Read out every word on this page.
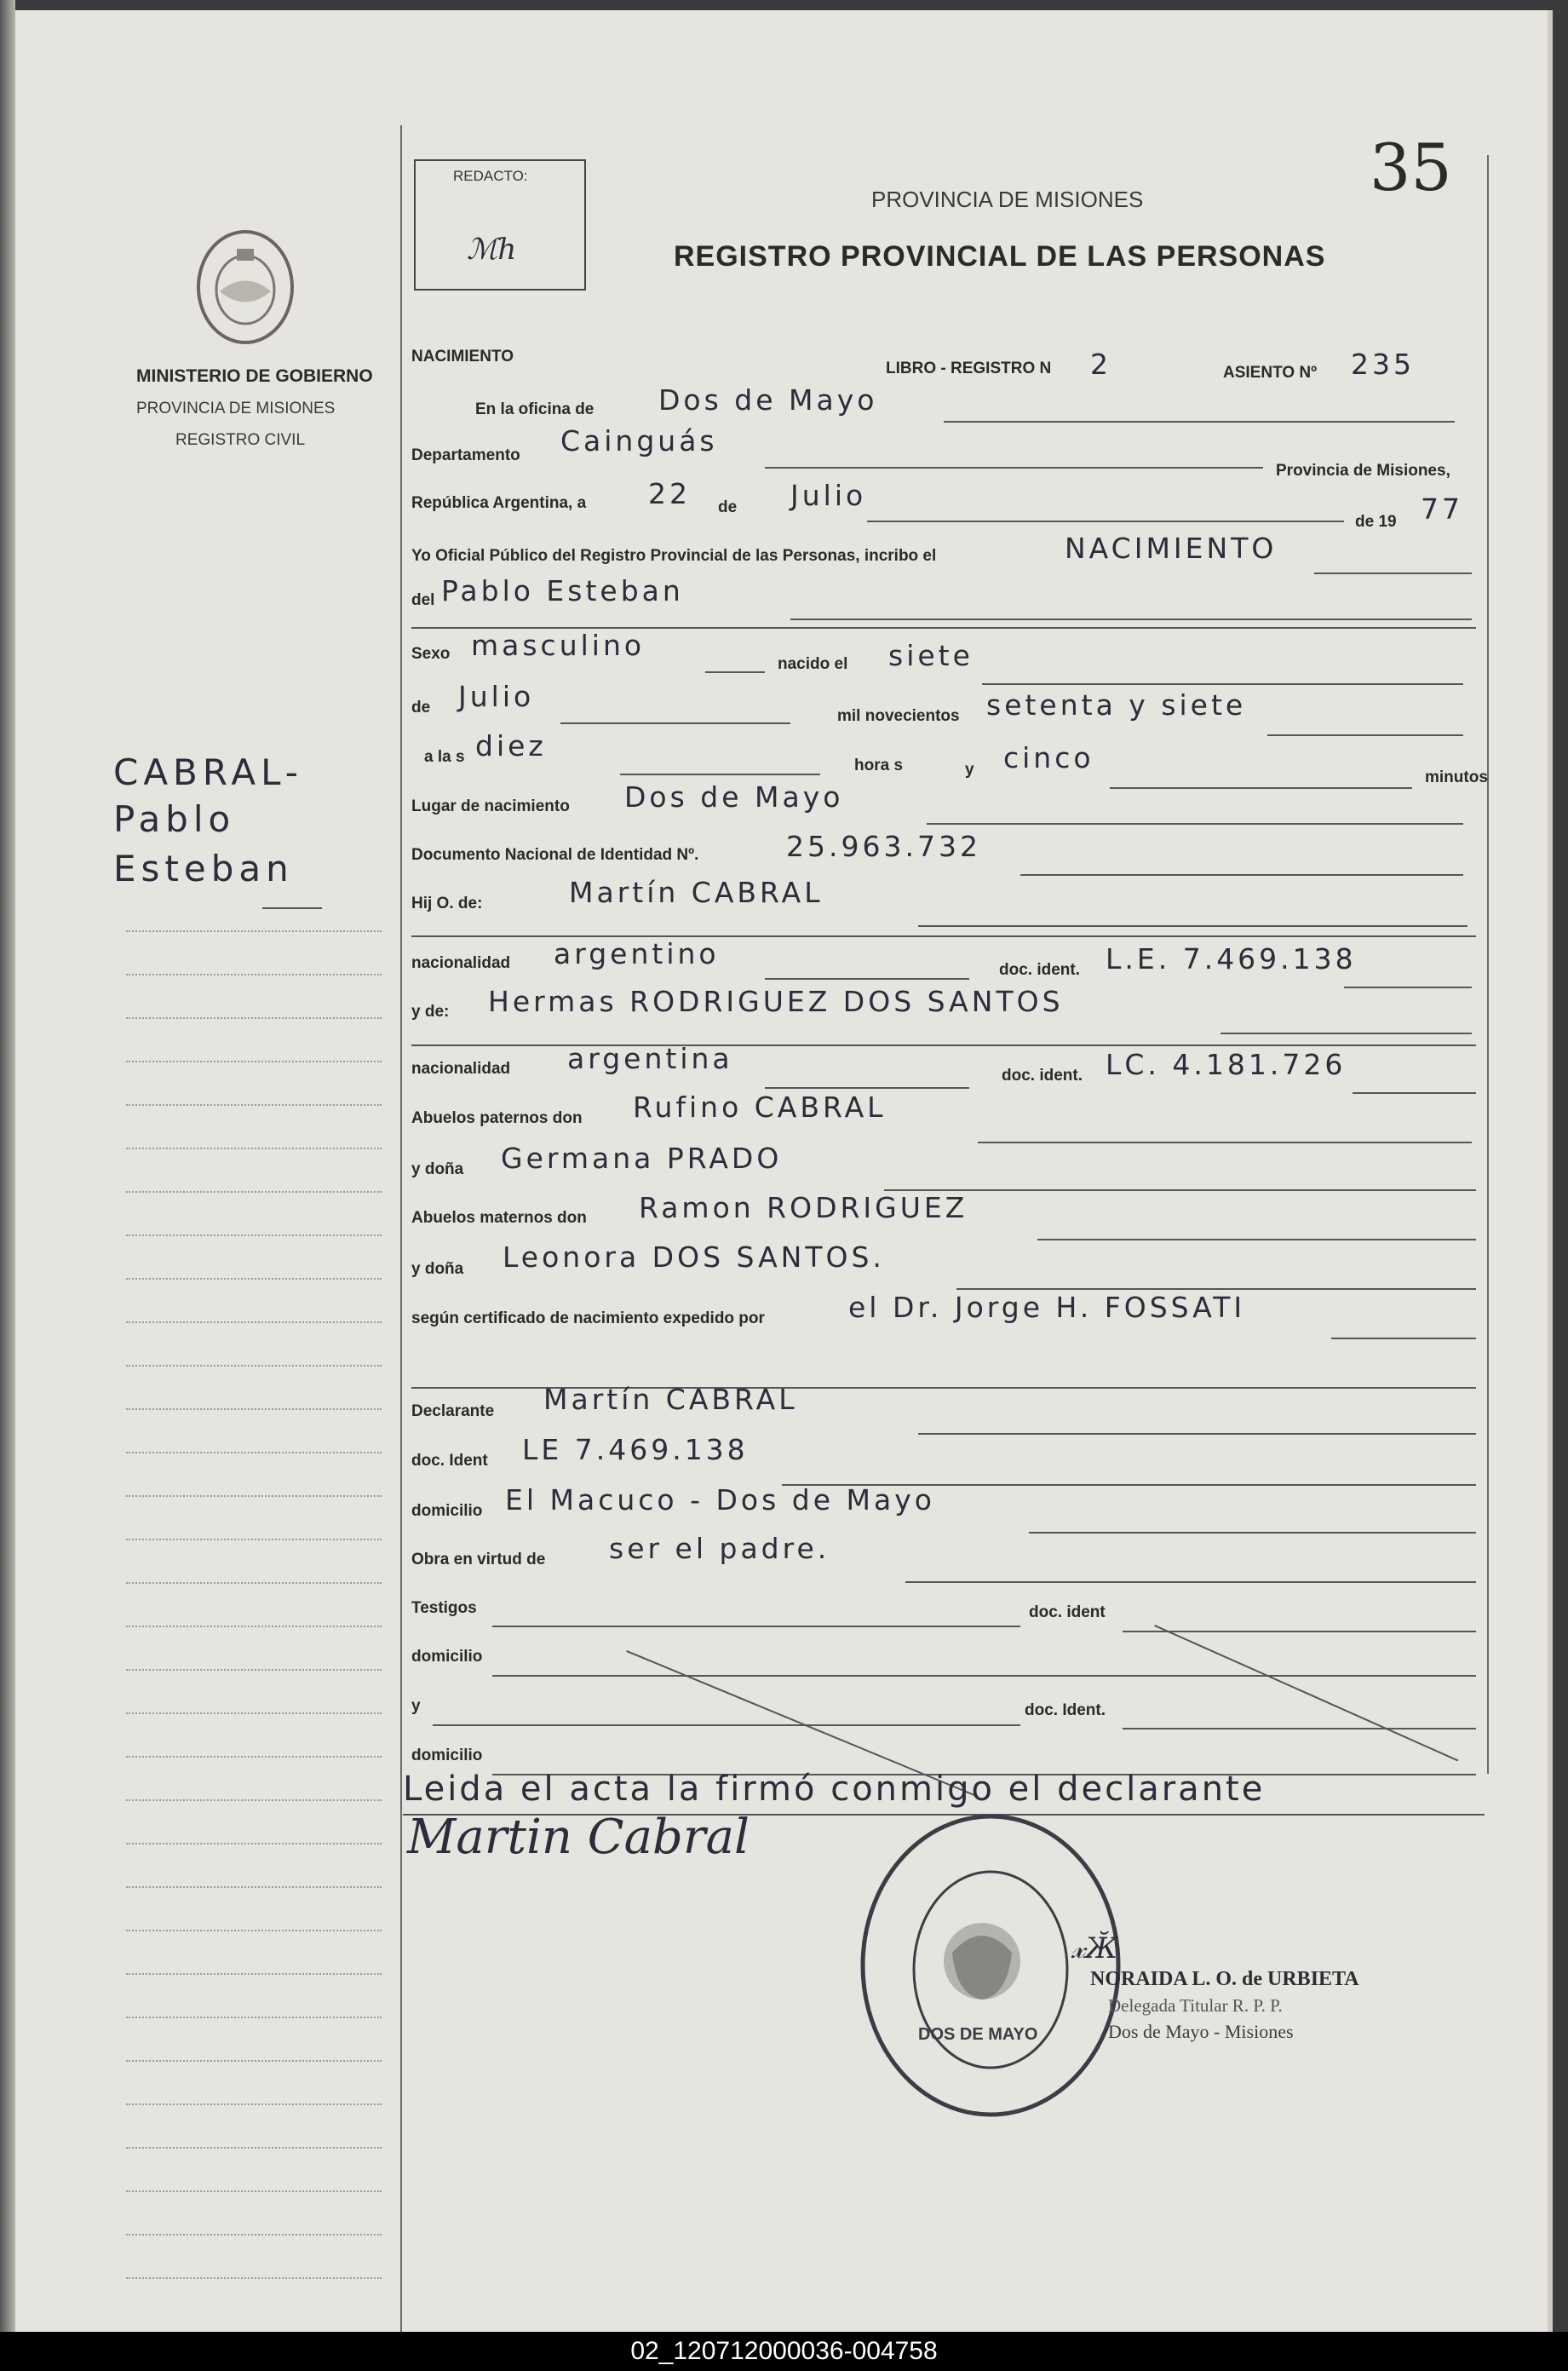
MINISTERIO DE GOBIERNO
PROVINCIA DE MISIONES
REGISTRO CIVIL
CABRAL-
Pablo
Esteban
REDACTO:
ℳℎ
35
PROVINCIA DE MISIONES
REGISTRO PROVINCIAL DE LAS PERSONAS
NACIMIENTO
LIBRO - REGISTRO N 2	ASIENTO Nº 235
En la oficina de Dos de Mayo
Departamento Cainguás
Provincia de Misiones,
República Argentina, a 22 de Julio
de 19 77
Yo Oficial Público del Registro Provincial de las Personas, incribo el	NACIMIENTO
del Pablo Esteban
Sexo masculino
nacido el siete
de Julio
mil novecientos setenta y siete
a la s diez
hora s	y cinco
minutos
Lugar de nacimiento Dos de Mayo
Documento Nacional de Identidad Nº.	25.963.732
Hij O. de:	Martín CABRAL
nacionalidad argentino	doc. ident. L.E. 7.469.138
y de: Hermas RODRIGUEZ DOS SANTOS
nacionalidad argentina
doc. ident. LC. 4.181.726
Abuelos paternos don Rufino CABRAL
y doña Germana PRADO
Abuelos maternos don Ramon RODRIGUEZ
y doña Leonora DOS SANTOS.
según certificado de nacimiento expedido por	el Dr. Jorge H. FOSSATI
Declarante Martín CABRAL
doc. Ident LE 7.469.138
domicilio El Macuco - Dos de Mayo
Obra en virtud de ser el padre.
Testigos	doc. ident
domicilio
y	doc. Ident.
domicilio
Leida el acta la firmó conmigo el declarante
Martin Cabral
𝓍Ӂ
NORAIDA L. O. de URBIETA
Delegada Titular R. P. P.
Dos de Mayo - Misiones
DOS DE MAYO
02_120712000036-004758
